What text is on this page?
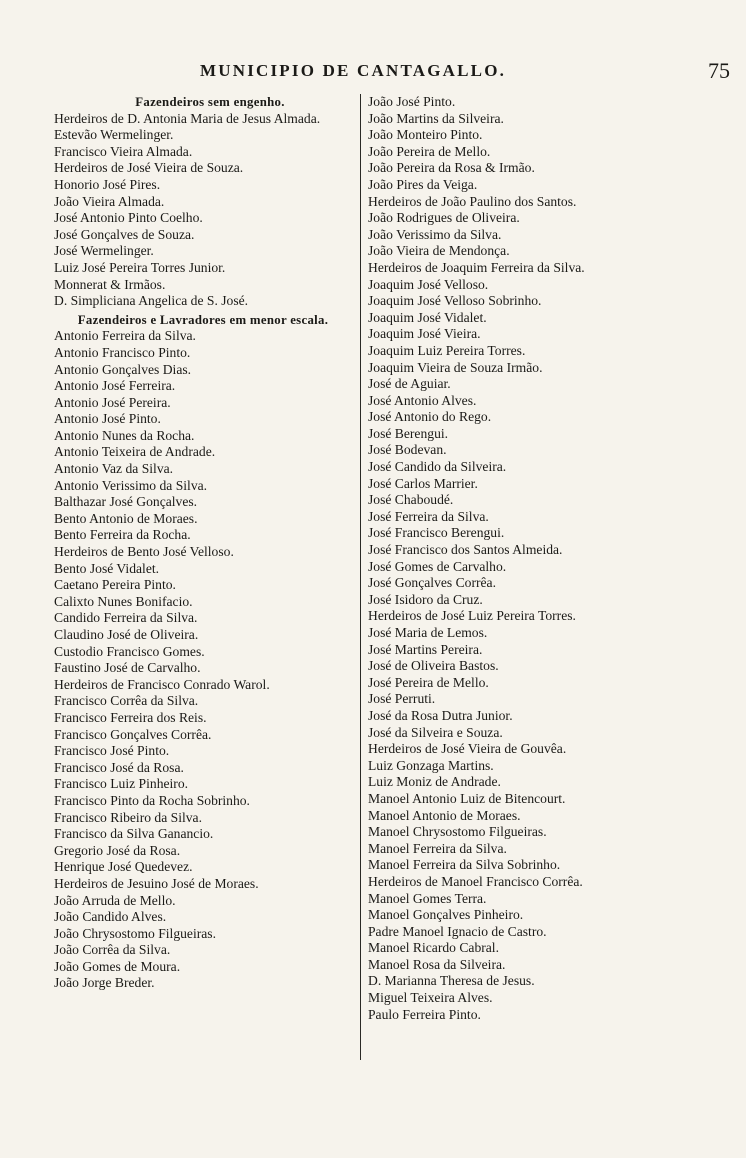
MUNICIPIO DE CANTAGALLO.	75
Fazendeiros sem engenho.
Herdeiros de D. Antonia Maria de Jesus Almada.
Estevão Wermelinger.
Francisco Vieira Almada.
Herdeiros de José Vieira de Souza.
Honorio José Pires.
João Vieira Almada.
José Antonio Pinto Coelho.
José Gonçalves de Souza.
José Wermelinger.
Luiz José Pereira Torres Junior.
Monnerat & Irmãos.
D. Simpliciana Angelica de S. José.
Fazendeiros e Lavradores em menor escala.
Antonio Ferreira da Silva.
Antonio Francisco Pinto.
Antonio Gonçalves Dias.
Antonio José Ferreira.
Antonio José Pereira.
Antonio José Pinto.
Antonio Nunes da Rocha.
Antonio Teixeira de Andrade.
Antonio Vaz da Silva.
Antonio Verissimo da Silva.
Balthazar José Gonçalves.
Bento Antonio de Moraes.
Bento Ferreira da Rocha.
Herdeiros de Bento José Velloso.
Bento José Vidalet.
Caetano Pereira Pinto.
Calixto Nunes Bonifacio.
Candido Ferreira da Silva.
Claudino José de Oliveira.
Custodio Francisco Gomes.
Faustino José de Carvalho.
Herdeiros de Francisco Conrado Warol.
Francisco Corrêa da Silva.
Francisco Ferreira dos Reis.
Francisco Gonçalves Corrêa.
Francisco José Pinto.
Francisco José da Rosa.
Francisco Luiz Pinheiro.
Francisco Pinto da Rocha Sobrinho.
Francisco Ribeiro da Silva.
Francisco da Silva Ganancio.
Gregorio José da Rosa.
Henrique José Quedevez.
Herdeiros de Jesuino José de Moraes.
João Arruda de Mello.
João Candido Alves.
João Chrysostomo Filgueiras.
João Corrêa da Silva.
João Gomes de Moura.
João Jorge Breder.
João José Pinto.
João Martins da Silveira.
João Monteiro Pinto.
João Pereira de Mello.
João Pereira da Rosa & Irmão.
João Pires da Veiga.
Herdeiros de João Paulino dos Santos.
João Rodrigues de Oliveira.
João Verissimo da Silva.
João Vieira de Mendonça.
Herdeiros de Joaquim Ferreira da Silva.
Joaquim José Velloso.
Joaquim José Velloso Sobrinho.
Joaquim José Vidalet.
Joaquim José Vieira.
Joaquim Luiz Pereira Torres.
Joaquim Vieira de Souza Irmão.
José de Aguiar.
José Antonio Alves.
José Antonio do Rego.
José Berengui.
José Bodevan.
José Candido da Silveira.
José Carlos Marrier.
José Chaboudé.
José Ferreira da Silva.
José Francisco Berengui.
José Francisco dos Santos Almeida.
José Gomes de Carvalho.
José Gonçalves Corrêa.
José Isidoro da Cruz.
Herdeiros de José Luiz Pereira Torres.
José Maria de Lemos.
José Martins Pereira.
José de Oliveira Bastos.
José Pereira de Mello.
José Perruti.
José da Rosa Dutra Junior.
José da Silveira e Souza.
Herdeiros de José Vieira de Gouvêa.
Luiz Gonzaga Martins.
Luiz Moniz de Andrade.
Manoel Antonio Luiz de Bitencourt.
Manoel Antonio de Moraes.
Manoel Chrysostomo Filgueiras.
Manoel Ferreira da Silva.
Manoel Ferreira da Silva Sobrinho.
Herdeiros de Manoel Francisco Corrêa.
Manoel Gomes Terra.
Manoel Gonçalves Pinheiro.
Padre Manoel Ignacio de Castro.
Manoel Ricardo Cabral.
Manoel Rosa da Silveira.
D. Marianna Theresa de Jesus.
Miguel Teixeira Alves.
Paulo Ferreira Pinto.
